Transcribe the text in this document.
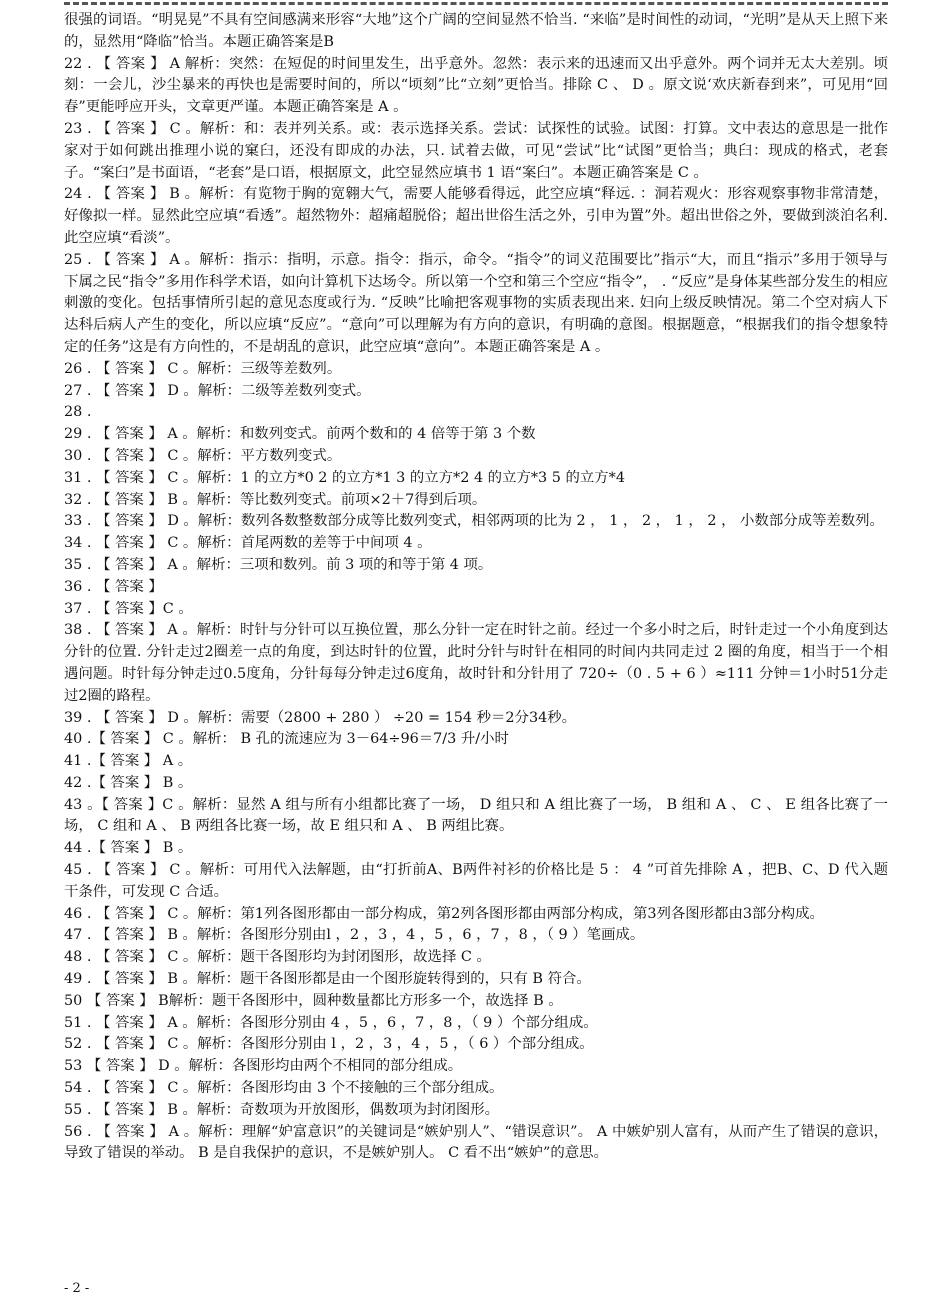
很强的词语。“明晃晃”不具有空间感满来形容“大地”这个广阔的空间显然不恰当. “来临”是时间性的动词，“光明”是从天上照下来的，显然用“降临”恰当。本题正确答案是B

22 . 【 答案 】 A 解析：突然：在短促的时间里发生，出乎意外。忽然：表示来的迅速而又出乎意外。两个词并无太大差别。顷刻：一会儿，沙尘暴来的再快也是需要时间的，所以“顷刻”比“立刻”更恰当。排除 C 、 D 。原文说‘欢庆新春到来”，可见用“回春”更能呼应开头，文章更严谨。本题正确答案是 A 。

23 . 【 答案 】 C 。解析：和：表并列关系。或：表示选择关系。尝试：试探性的试验。试图：打算。文中表达的意思是一批作家对于如何跳出推理小说的窠臼，还没有即成的办法，只. 试着去做，可见“尝试”比“试图”更恰当；典臼：现成的格式，老套子。“案臼”是书面语，“老套”是口语，根据原文，此空显然应填书 1 语“案臼”。本题正确答案是 C 。

24 . 【 答案 】 B 。解析：有览物于胸的宽翱大气，需要人能够看得远，此空应填“释远. ：洞若观火：形容观察事物非常清楚，好像拟一样。显然此空应填“看透”。超然物外：超痛超脱俗；超出世俗生活之外，引申为置”外。超出世俗之外，要做到淡泊名利. 此空应填“看淡”。

25 . 【 答案 】 A 。解析：指示：指明，示意。指令：指示，命令。“指令”的词义范围要比”指示“大，而且“指示”多用于领导与下属之民“指令”多用作科学术语，如向计算机下达场令。所以第一个空和第三个空应“指令”， . “反应”是身体某些部分发生的相应刺激的变化。包括事情所引起的意见态度或行为. “反映”比喻把客观事物的实质表现出来. 妇向上级反映情况。第二个空对病人下达科后病人产生的变化，所以应填“反应”。“意向”可以理解为有方向的意识，有明确的意图。根据题意，“根据我们的指令想象特定的任务”这是有方向性的，不是胡乱的意识，此空应填“意向”。本题正确答案是 A 。

26 . 【 答案 】 C 。解析：三级等差数列。

27 . 【 答案 】 D 。解析：二级等差数列变式。

28 .

29 . 【 答案 】 A 。解析：和数列变式。前两个数和的 4 倍等于第 3 个数

30 . 【 答案 】 C 。解析：平方数列变式。

31 . 【 答案 】 C 。解析：1 的立方*0 2 的立方*1 3 的立方*2 4 的立方*3 5 的立方*4

32 . 【 答案 】 B 。解析：等比数列变式。前项×2＋7得到后项。

33 . 【 答案 】 D 。解析：数列各数整数部分成等比数列变式，相邻两项的比为 2 ， 1 ， 2 ， 1 ， 2 ， 小数部分成等差数列。

34 . 【 答案 】 C 。解析：首尾两数的差等于中间项 4 。

35 . 【 答案 】 A 。解析：三项和数列。前 3 项的和等于第 4 项。

36 . 【 答案 】

37 . 【 答案 】C 。

38 . 【 答案 】 A 。解析：时针与分针可以互换位置，那么分针一定在时针之前。经过一个多小时之后，时针走过一个小角度到达分针的位置. 分针走过2圈差一点的角度，到达时针的位置，此时分针与时针在相同的时间内共同走过 2 圈的角度，相当于一个相遇问题。时针每分钟走过0.5度角，分针每每分钟走过6度角，故时针和分针用了 720÷（0 . 5 + 6 ）≈111 分钟＝1小时51分走过2圈的路程。

39 . 【 答案 】 D 。解析：需要（2800 + 280 ） ÷20 = 154 秒＝2分34秒。

40 .【 答案 】 C 。解析： B 孔的流速应为 3－64÷96＝7/3 升/小时

41 .【 答案 】 A 。

42 .【 答案 】 B 。

43 。【 答案 】C 。解析：显然 A 组与所有小组都比赛了一场， D 组只和 A 组比赛了一场， B 组和 A 、 C 、 E 组各比赛了一场， C 组和 A 、 B 两组各比赛一场，故 E 组只和 A 、 B 两组比赛。

44 .【 答案 】 B 。

45 . 【 答案 】 C 。解析：可用代入法解题，由“打折前A、B两件衬衫的价格比是 5 ： 4 ”可首先排除 A ，把B、C、D 代入题干条件，可发现 C 合适。

46 . 【 答案 】 C 。解析：第1列各图形都由一部分构成，第2列各图形都由两部分构成，第3列各图形都由3部分构成。

47 . 【 答案 】 B 。解析：各图形分别由l ，2 ，3 ，4 ，5 ，6 ，7 ，8 ，（ 9 ）笔画成。

48 . 【 答案 】 C 。解析：题干各图形均为封闭图形，故选择 C 。

49 . 【 答案 】 B 。解析：题干各图形都是由一个图形旋转得到的，只有 B 符合。

50 【 答案 】 B解析：题干各图形中，圆种数量都比方形多一个，故选择 B 。

51 . 【 答案 】 A 。解析：各图形分别由 4 ，5 ，6 ，7 ，8 ，（ 9 ）个部分组成。

52 . 【 答案 】 C 。解析：各图形分别由 l ，2 ，3 ，4 ，5 ，（ 6 ）个部分组成。

53 【 答案 】 D 。解析：各图形均由两个不相同的部分组成。

54 . 【 答案 】 C 。解析：各图形均由 3 个不接触的三个部分组成。

55 . 【 答案 】 B 。解析：奇数项为开放图形，偶数项为封闭图形。

56 . 【 答案 】 A 。解析：理解“妒富意识”的关键词是“嫉妒别人”、“错误意识”。 A 中嫉妒别人富有，从而产生了错误的意识，导致了错误的举动。 B 是自我保护的意识，不是嫉妒别人。 C 看不出“嫉妒”的意思。

- 2 -
